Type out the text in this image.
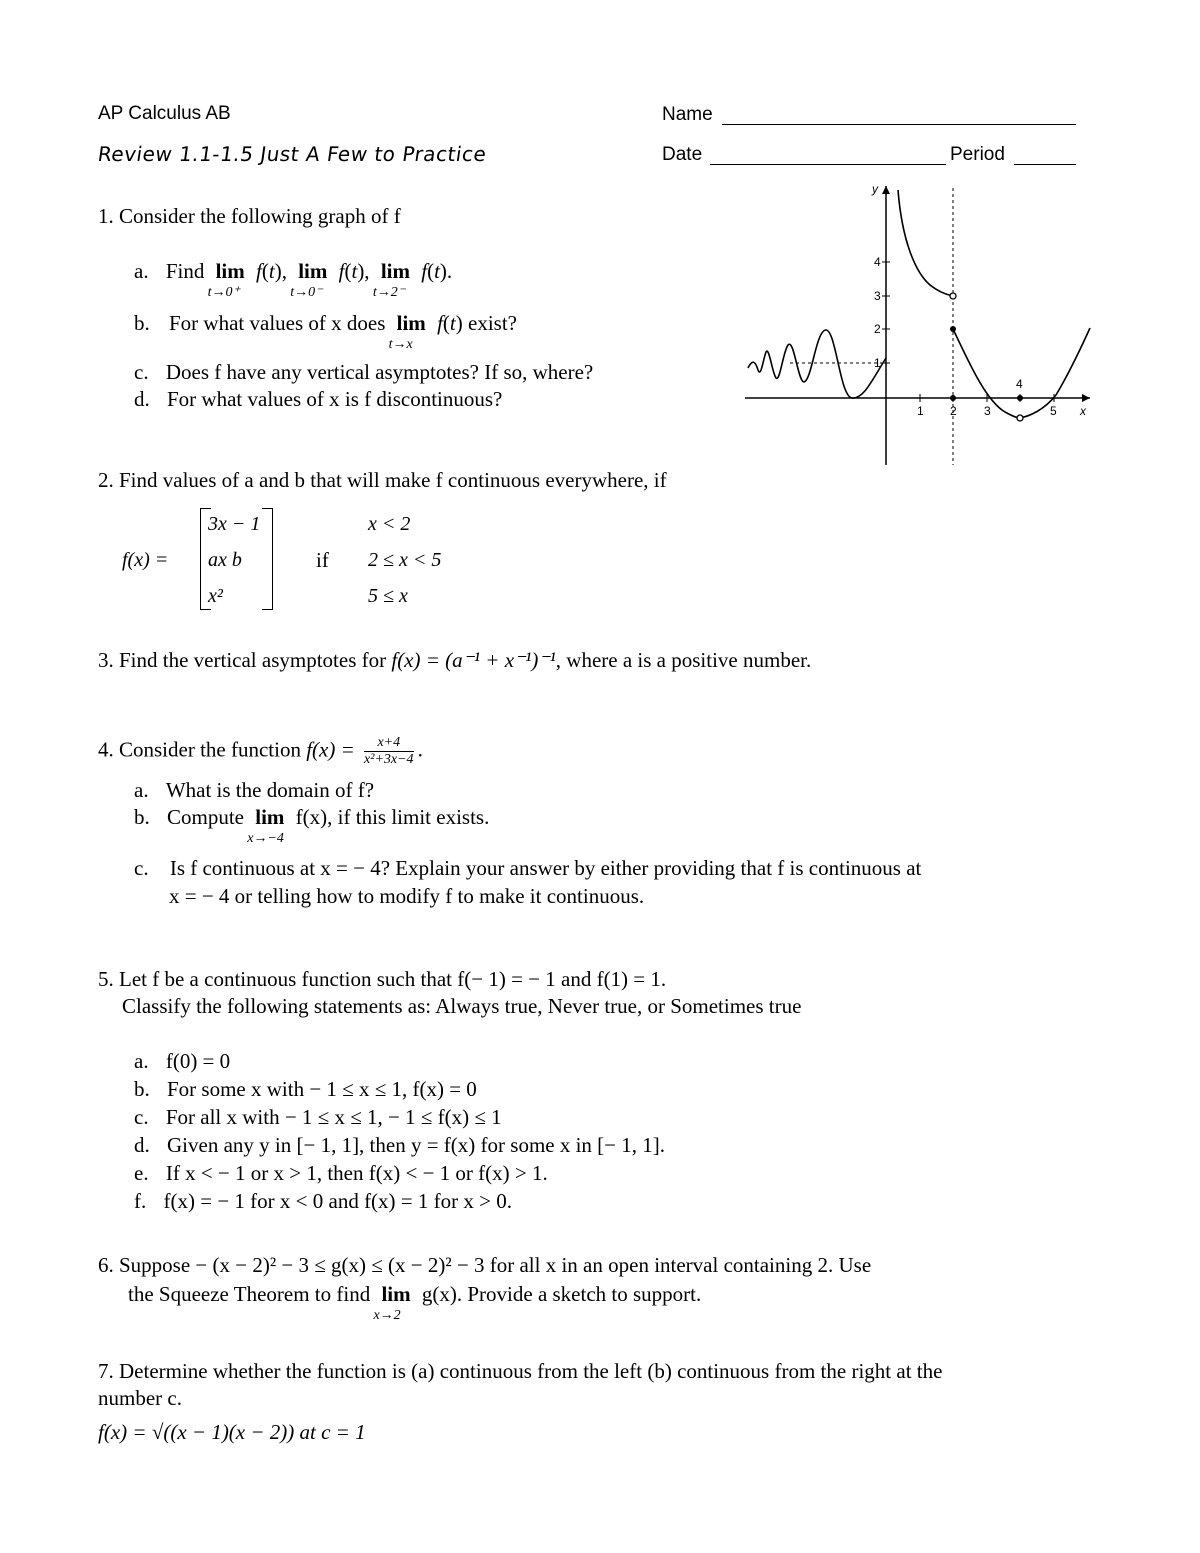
AP Calculus AB
Review 1.1-1.5 Just A Few to Practice
Name
Date	Period
1. Consider the following graph of f
a. Find lim
t→0⁺
f(t), lim
t→0⁻
f(t), lim
t→2⁻
f(t).
b. For what values of x does lim
t→x
f(t) exist?
c. Does f have any vertical asymptotes? If so, where?
d. For what values of x is f discontinuous?	1 2 3	5
1
2
3
4
4
x
y
2. Find values of a and b that will make f continuous everywhere, if
f(x) =
3x − 1
ax b
x²
if
x < 2
2 ≤ x < 5
5 ≤ x
3. Find the vertical asymptotes for f(x) = (a⁻¹ + x⁻¹)⁻¹, where a is a positive number.
4. Consider the function $f(x) = \frac{x+4}{\text{x²+3x−4}}$ .
a. What is the domain of f?
b. Compute lim
x→−4
f(x), if this limit exists.
c. Is f continuous at x = − 4? Explain your answer by either providing that f is continuous at
x = − 4 or telling how to modify f to make it continuous.
5. Let f be a continuous function such that f(− 1) = − 1 and f(1) = 1.
Classify the following statements as: Always true, Never true, or Sometimes true
a. f(0) = 0
b. For some x with − 1 ≤ x ≤ 1, f(x) = 0
c. For all x with − 1 ≤ x ≤ 1, − 1 ≤ f(x) ≤ 1
d. Given any y in [− 1, 1], then y = f(x) for some x in [− 1, 1].
e. If x < − 1 or x > 1, then f(x) < − 1 or f(x) > 1.
f. f(x) = − 1 for x < 0 and f(x) = 1 for x > 0.
6. Suppose − (x − 2)² − 3 ≤ g(x) ≤ (x − 2)² − 3 for all x in an open interval containing 2. Use
the Squeeze Theorem to find lim
x→2
g(x). Provide a sketch to support.
7. Determine whether the function is (a) continuous from the left (b) continuous from the right at the
number c.
f(x) = √((x − 1)(x − 2)) at c = 1
